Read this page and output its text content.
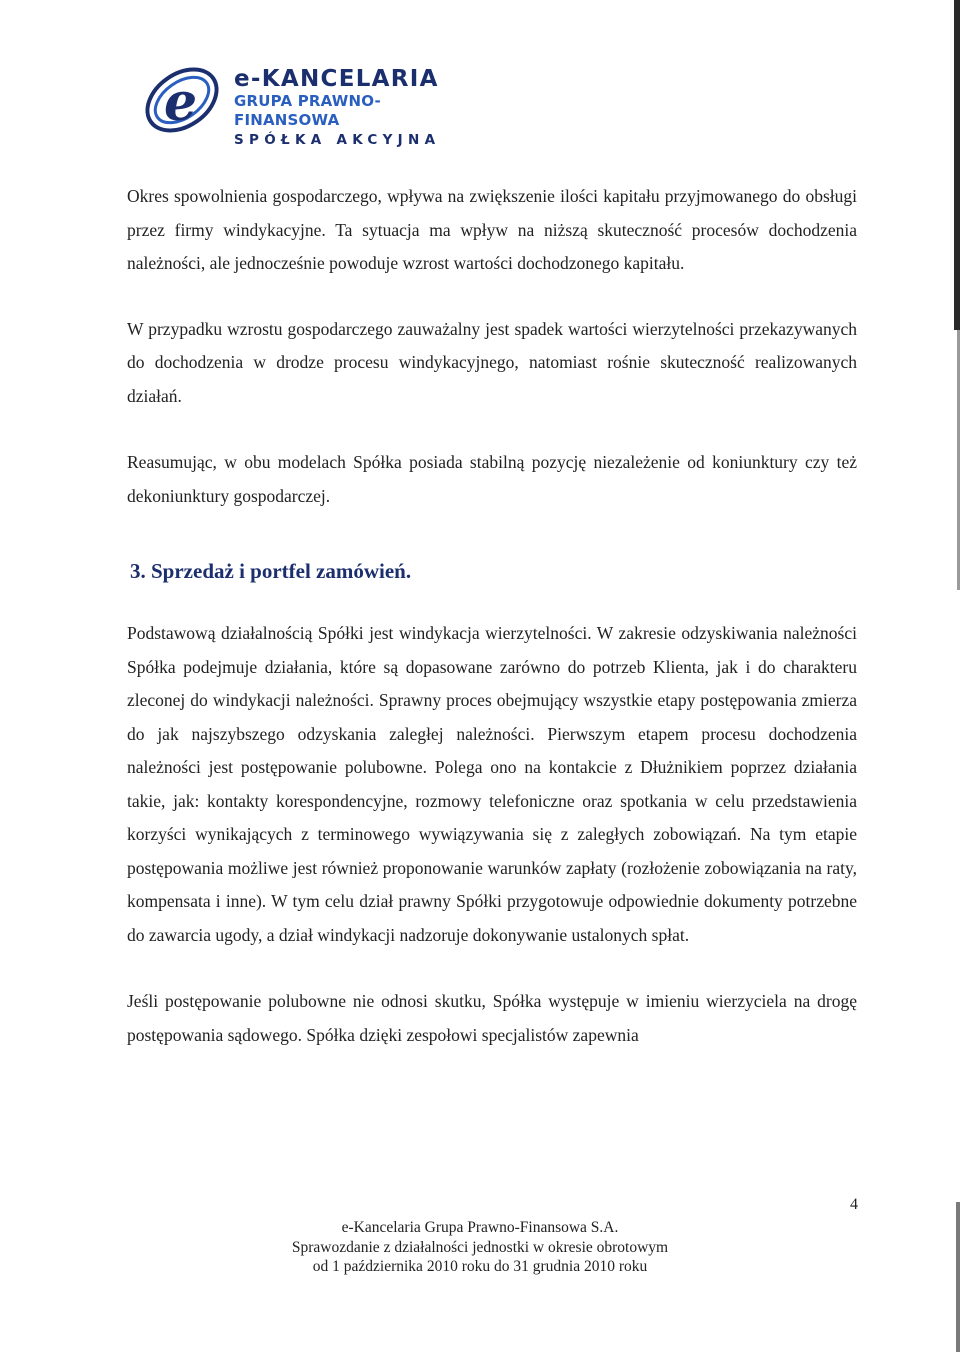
e e-KANCELARIA
GRUPA PRAWNO-FINANSOWA
SPÓŁKA AKCYJNA

Okres spowolnienia gospodarczego, wpływa na zwiększenie ilości kapitału przyjmowanego do obsługi przez firmy windykacyjne. Ta sytuacja ma wpływ na niższą skuteczność procesów dochodzenia należności, ale jednocześnie powoduje wzrost wartości dochodzonego kapitału.

W przypadku wzrostu gospodarczego zauważalny jest spadek wartości wierzytelności przekazywanych do dochodzenia w drodze procesu windykacyjnego, natomiast rośnie skuteczność realizowanych działań.

Reasumując, w obu modelach Spółka posiada stabilną pozycję niezależenie od koniunktury czy też dekoniunktury gospodarczej.

3. Sprzedaż i portfel zamówień.

Podstawową działalnością Spółki jest windykacja wierzytelności. W zakresie odzyskiwania należności Spółka podejmuje działania, które są dopasowane zarówno do potrzeb Klienta, jak i do charakteru zleconej do windykacji należności. Sprawny proces obejmujący wszystkie etapy postępowania zmierza do jak najszybszego odzyskania zaległej należności. Pierwszym etapem procesu dochodzenia należności jest postępowanie polubowne. Polega ono na kontakcie z Dłużnikiem poprzez działania takie, jak: kontakty korespondencyjne, rozmowy telefoniczne oraz spotkania w celu przedstawienia korzyści wynikających z terminowego wywiązywania się z zaległych zobowiązań. Na tym etapie postępowania możliwe jest również proponowanie warunków zapłaty (rozłożenie zobowiązania na raty, kompensata i inne). W tym celu dział prawny Spółki przygotowuje odpowiednie dokumenty potrzebne do zawarcia ugody, a dział windykacji nadzoruje dokonywanie ustalonych spłat.

Jeśli postępowanie polubowne nie odnosi skutku, Spółka występuje w imieniu wierzyciela na drogę postępowania sądowego. Spółka dzięki zespołowi specjalistów zapewnia

4
e-Kancelaria Grupa Prawno-Finansowa S.A.
Sprawozdanie z działalności jednostki w okresie obrotowym
od 1 października 2010 roku do 31 grudnia 2010 roku
